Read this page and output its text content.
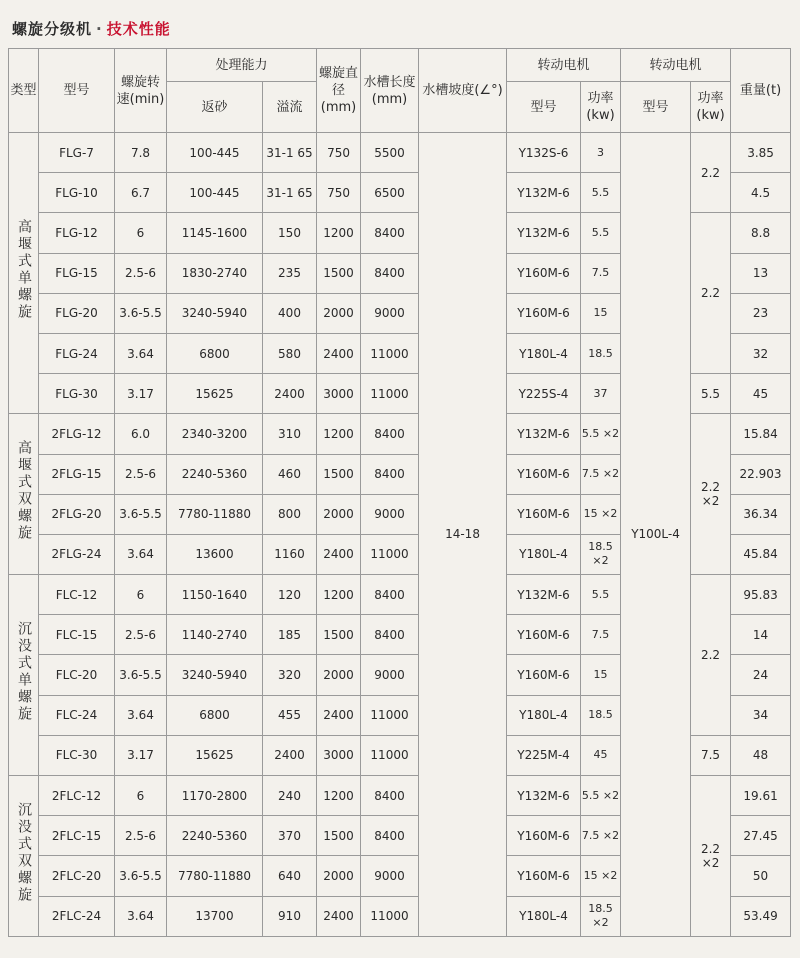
螺旋分级机 · 技术性能
类型	型号	螺旋转速(min)	处理能力		螺旋直径(mm)	水槽长度(mm)	水槽坡度(∠°)	转动电机		转动电机		重量(t)
			返砂	溢流				型号	功率(kw)	型号	功率(kw)	
高堰式单螺旋	FLG-7	7.8	100-445	31-1 65	750	5500	14-18	Y132S-6	3	Y100L-4	2.2	3.85
	FLG-10	6.7	100-445	31-1 65	750	6500		Y132M-6	5.5			4.5
	FLG-12	6	1145-1600	150	1200	8400		Y132M-6	5.5		2.2	8.8
	FLG-15	2.5-6	1830-2740	235	1500	8400		Y160M-6	7.5			13
	FLG-20	3.6-5.5	3240-5940	400	2000	9000		Y160M-6	15			23
	FLG-24	3.64	6800	580	2400	11000		Y180L-4	18.5			32
	FLG-30	3.17	15625	2400	3000	11000		Y225S-4	37		5.5	45
高堰式双螺旋	2FLG-12	6.0	2340-3200	310	1200	8400		Y132M-6	5.5 ×2		2.2 ×2	15.84
	2FLG-15	2.5-6	2240-5360	460	1500	8400		Y160M-6	7.5 ×2			22.903
	2FLG-20	3.6-5.5	7780-11880	800	2000	9000		Y160M-6	15 ×2			36.34
	2FLG-24	3.64	13600	1160	2400	11000		Y180L-4	18.5 ×2			45.84
沉没式单螺旋	FLC-12	6	1150-1640	120	1200	8400		Y132M-6	5.5		2.2	95.83
	FLC-15	2.5-6	1140-2740	185	1500	8400		Y160M-6	7.5			14
	FLC-20	3.6-5.5	3240-5940	320	2000	9000		Y160M-6	15			24
	FLC-24	3.64	6800	455	2400	11000		Y180L-4	18.5			34
	FLC-30	3.17	15625	2400	3000	11000		Y225M-4	45		7.5	48
沉没式双螺旋	2FLC-12	6	1170-2800	240	1200	8400		Y132M-6	5.5 ×2		2.2 ×2	19.61
	2FLC-15	2.5-6	2240-5360	370	1500	8400		Y160M-6	7.5 ×2			27.45
	2FLC-20	3.6-5.5	7780-11880	640	2000	9000		Y160M-6	15 ×2			50
	2FLC-24	3.64	13700	910	2400	11000		Y180L-4	18.5 ×2			53.49
